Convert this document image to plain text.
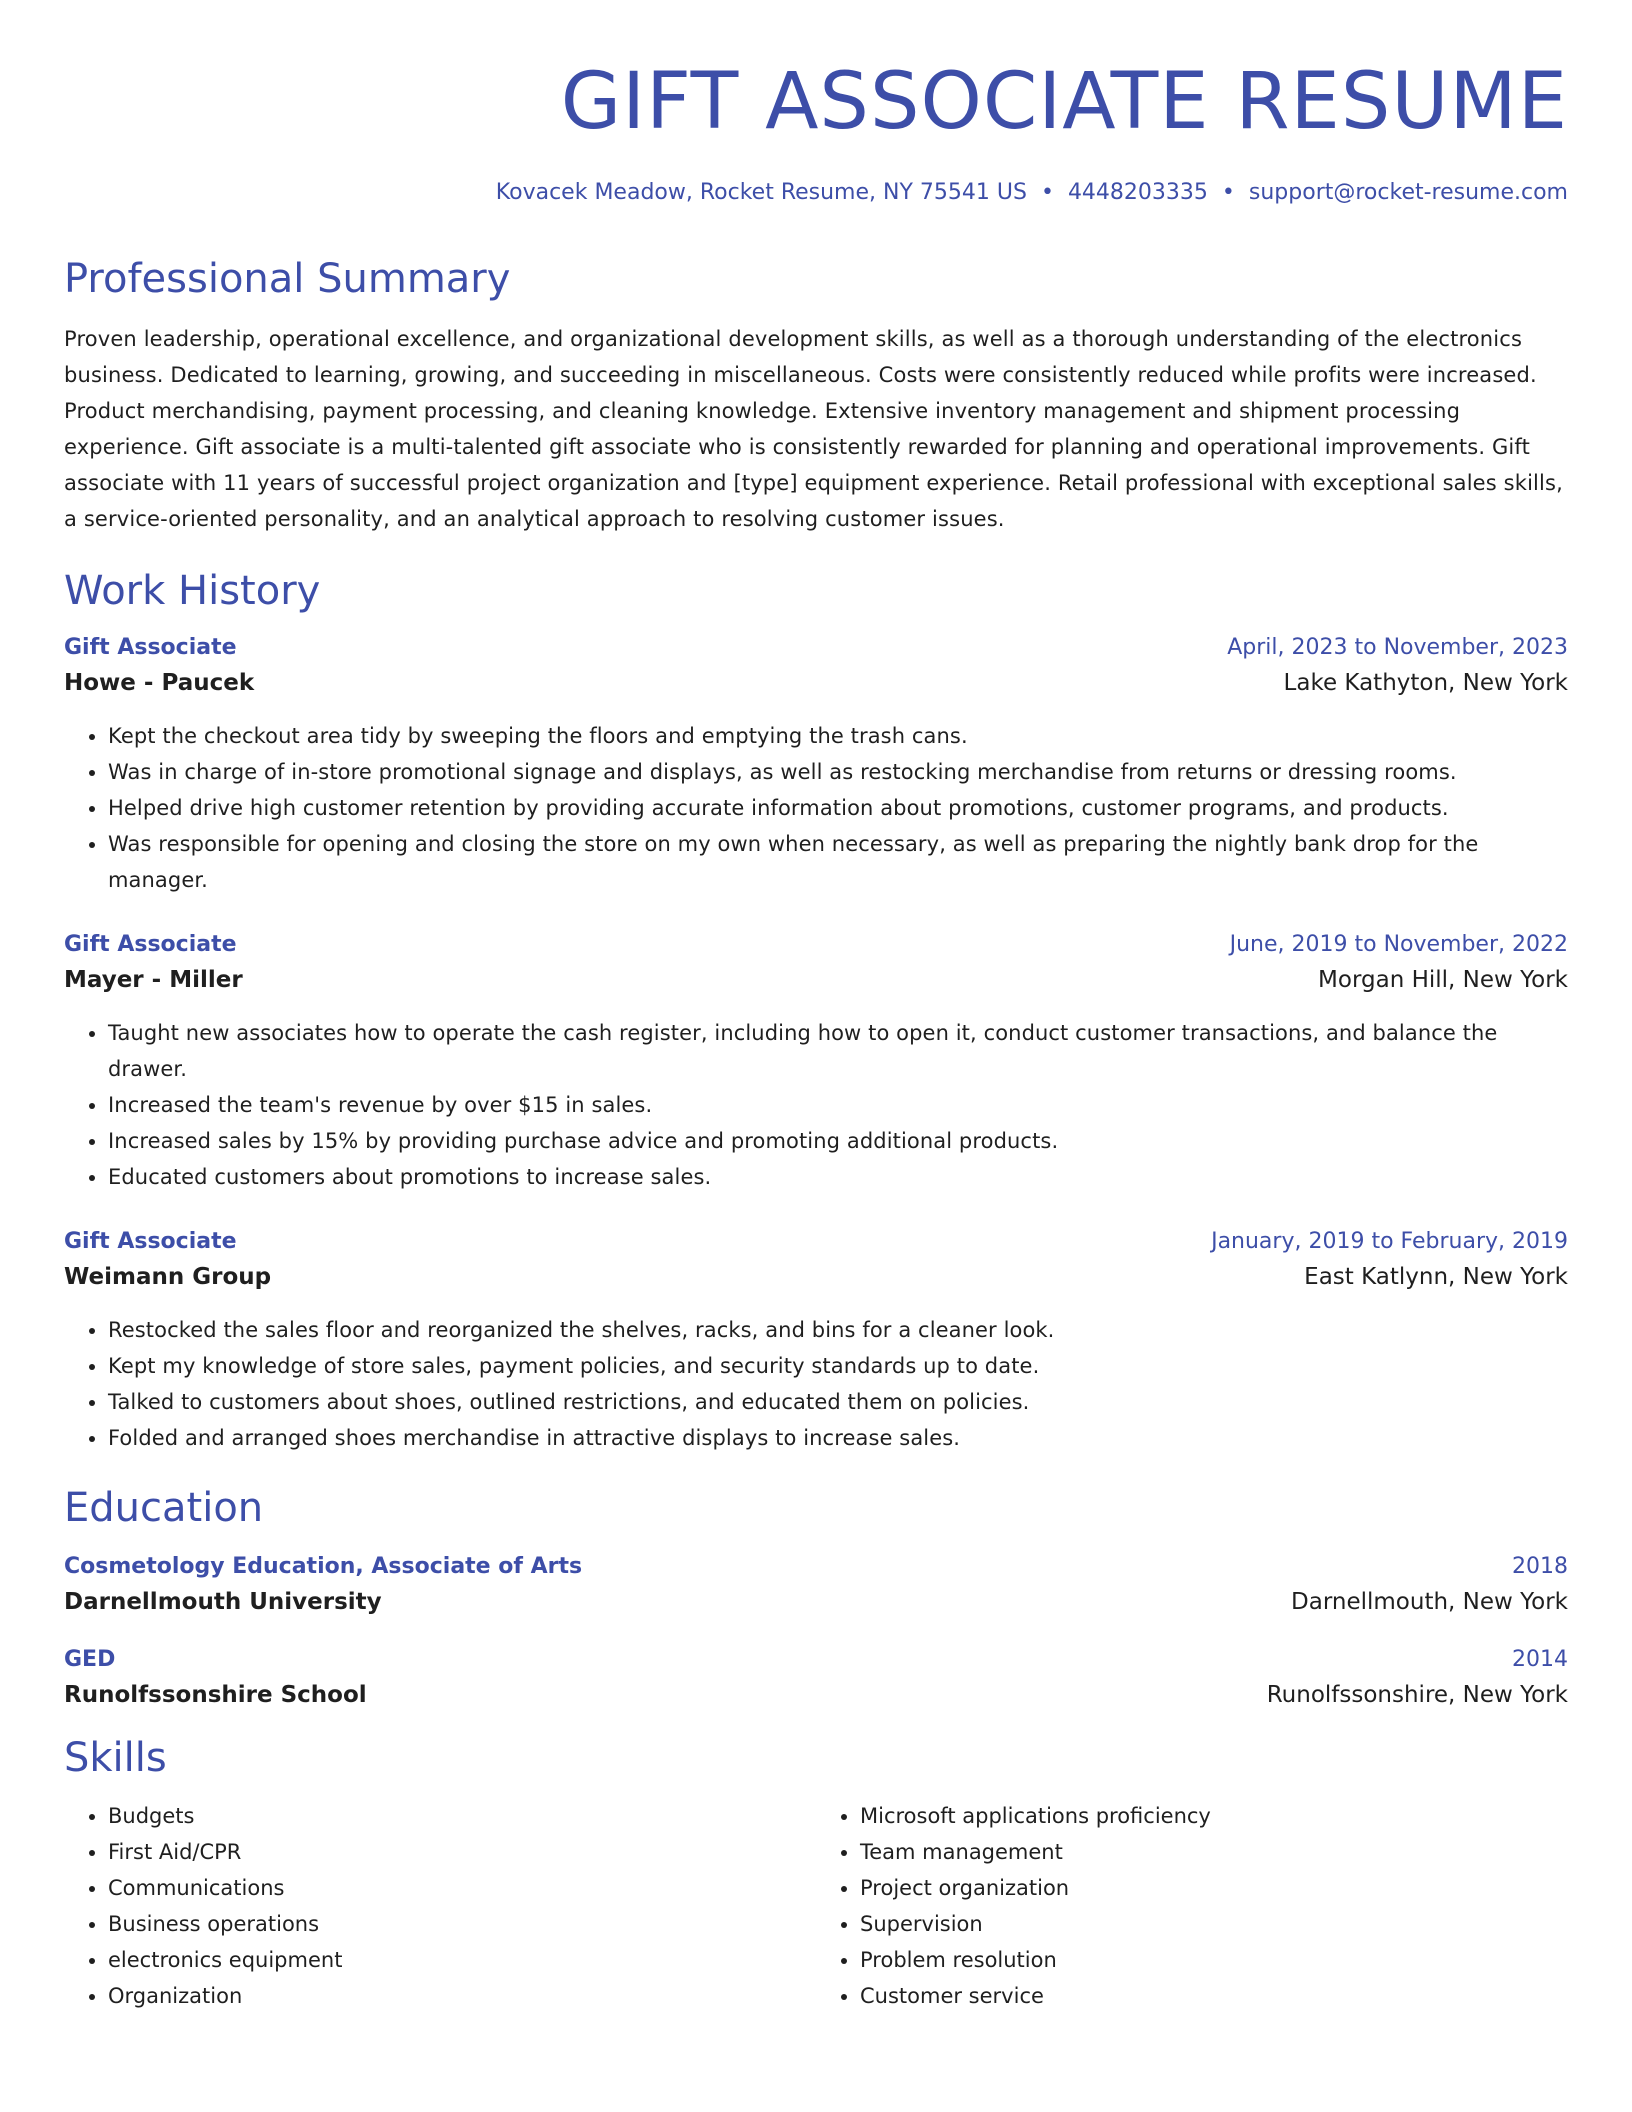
GIFT ASSOCIATE RESUME
Kovacek Meadow, Rocket Resume, NY 75541 US • 4448203335 • support@rocket-resume.com
Professional Summary

Proven leadership, operational excellence, and organizational development skills, as well as a thorough understanding of the electronics business. Dedicated to learning, growing, and succeeding in miscellaneous. Costs were consistently reduced while profits were increased. Product merchandising, payment processing, and cleaning knowledge. Extensive inventory management and shipment processing experience. Gift associate is a multi-talented gift associate who is consistently rewarded for planning and operational improvements. Gift associate with 11 years of successful project organization and [type] equipment experience. Retail professional with exceptional sales skills, a service-oriented personality, and an analytical approach to resolving customer issues.

Work History
Gift Associate	April, 2023 to November, 2023
Howe - Paucek	Lake Kathyton, New York
• Kept the checkout area tidy by sweeping the floors and emptying the trash cans.
• Was in charge of in-store promotional signage and displays, as well as restocking merchandise from returns or dressing rooms.
• Helped drive high customer retention by providing accurate information about promotions, customer programs, and products.
• Was responsible for opening and closing the store on my own when necessary, as well as preparing the nightly bank drop for the manager.
Gift Associate	June, 2019 to November, 2022
Mayer - Miller	Morgan Hill, New York
• Taught new associates how to operate the cash register, including how to open it, conduct customer transactions, and balance the drawer.
• Increased the team's revenue by over $15 in sales.
• Increased sales by 15% by providing purchase advice and promoting additional products.
• Educated customers about promotions to increase sales.
Gift Associate	January, 2019 to February, 2019
Weimann Group	East Katlynn, New York
• Restocked the sales floor and reorganized the shelves, racks, and bins for a cleaner look.
• Kept my knowledge of store sales, payment policies, and security standards up to date.
• Talked to customers about shoes, outlined restrictions, and educated them on policies.
• Folded and arranged shoes merchandise in attractive displays to increase sales.
Education
Cosmetology Education, Associate of Arts	2018
Darnellmouth University	Darnellmouth, New York
GED	2014
Runolfssonshire School	Runolfssonshire, New York
Skills
• Budgets
• First Aid/CPR
• Communications
• Business operations
• electronics equipment
• Organization
• Microsoft applications proficiency
• Team management
• Project organization
• Supervision
• Problem resolution
• Customer service
